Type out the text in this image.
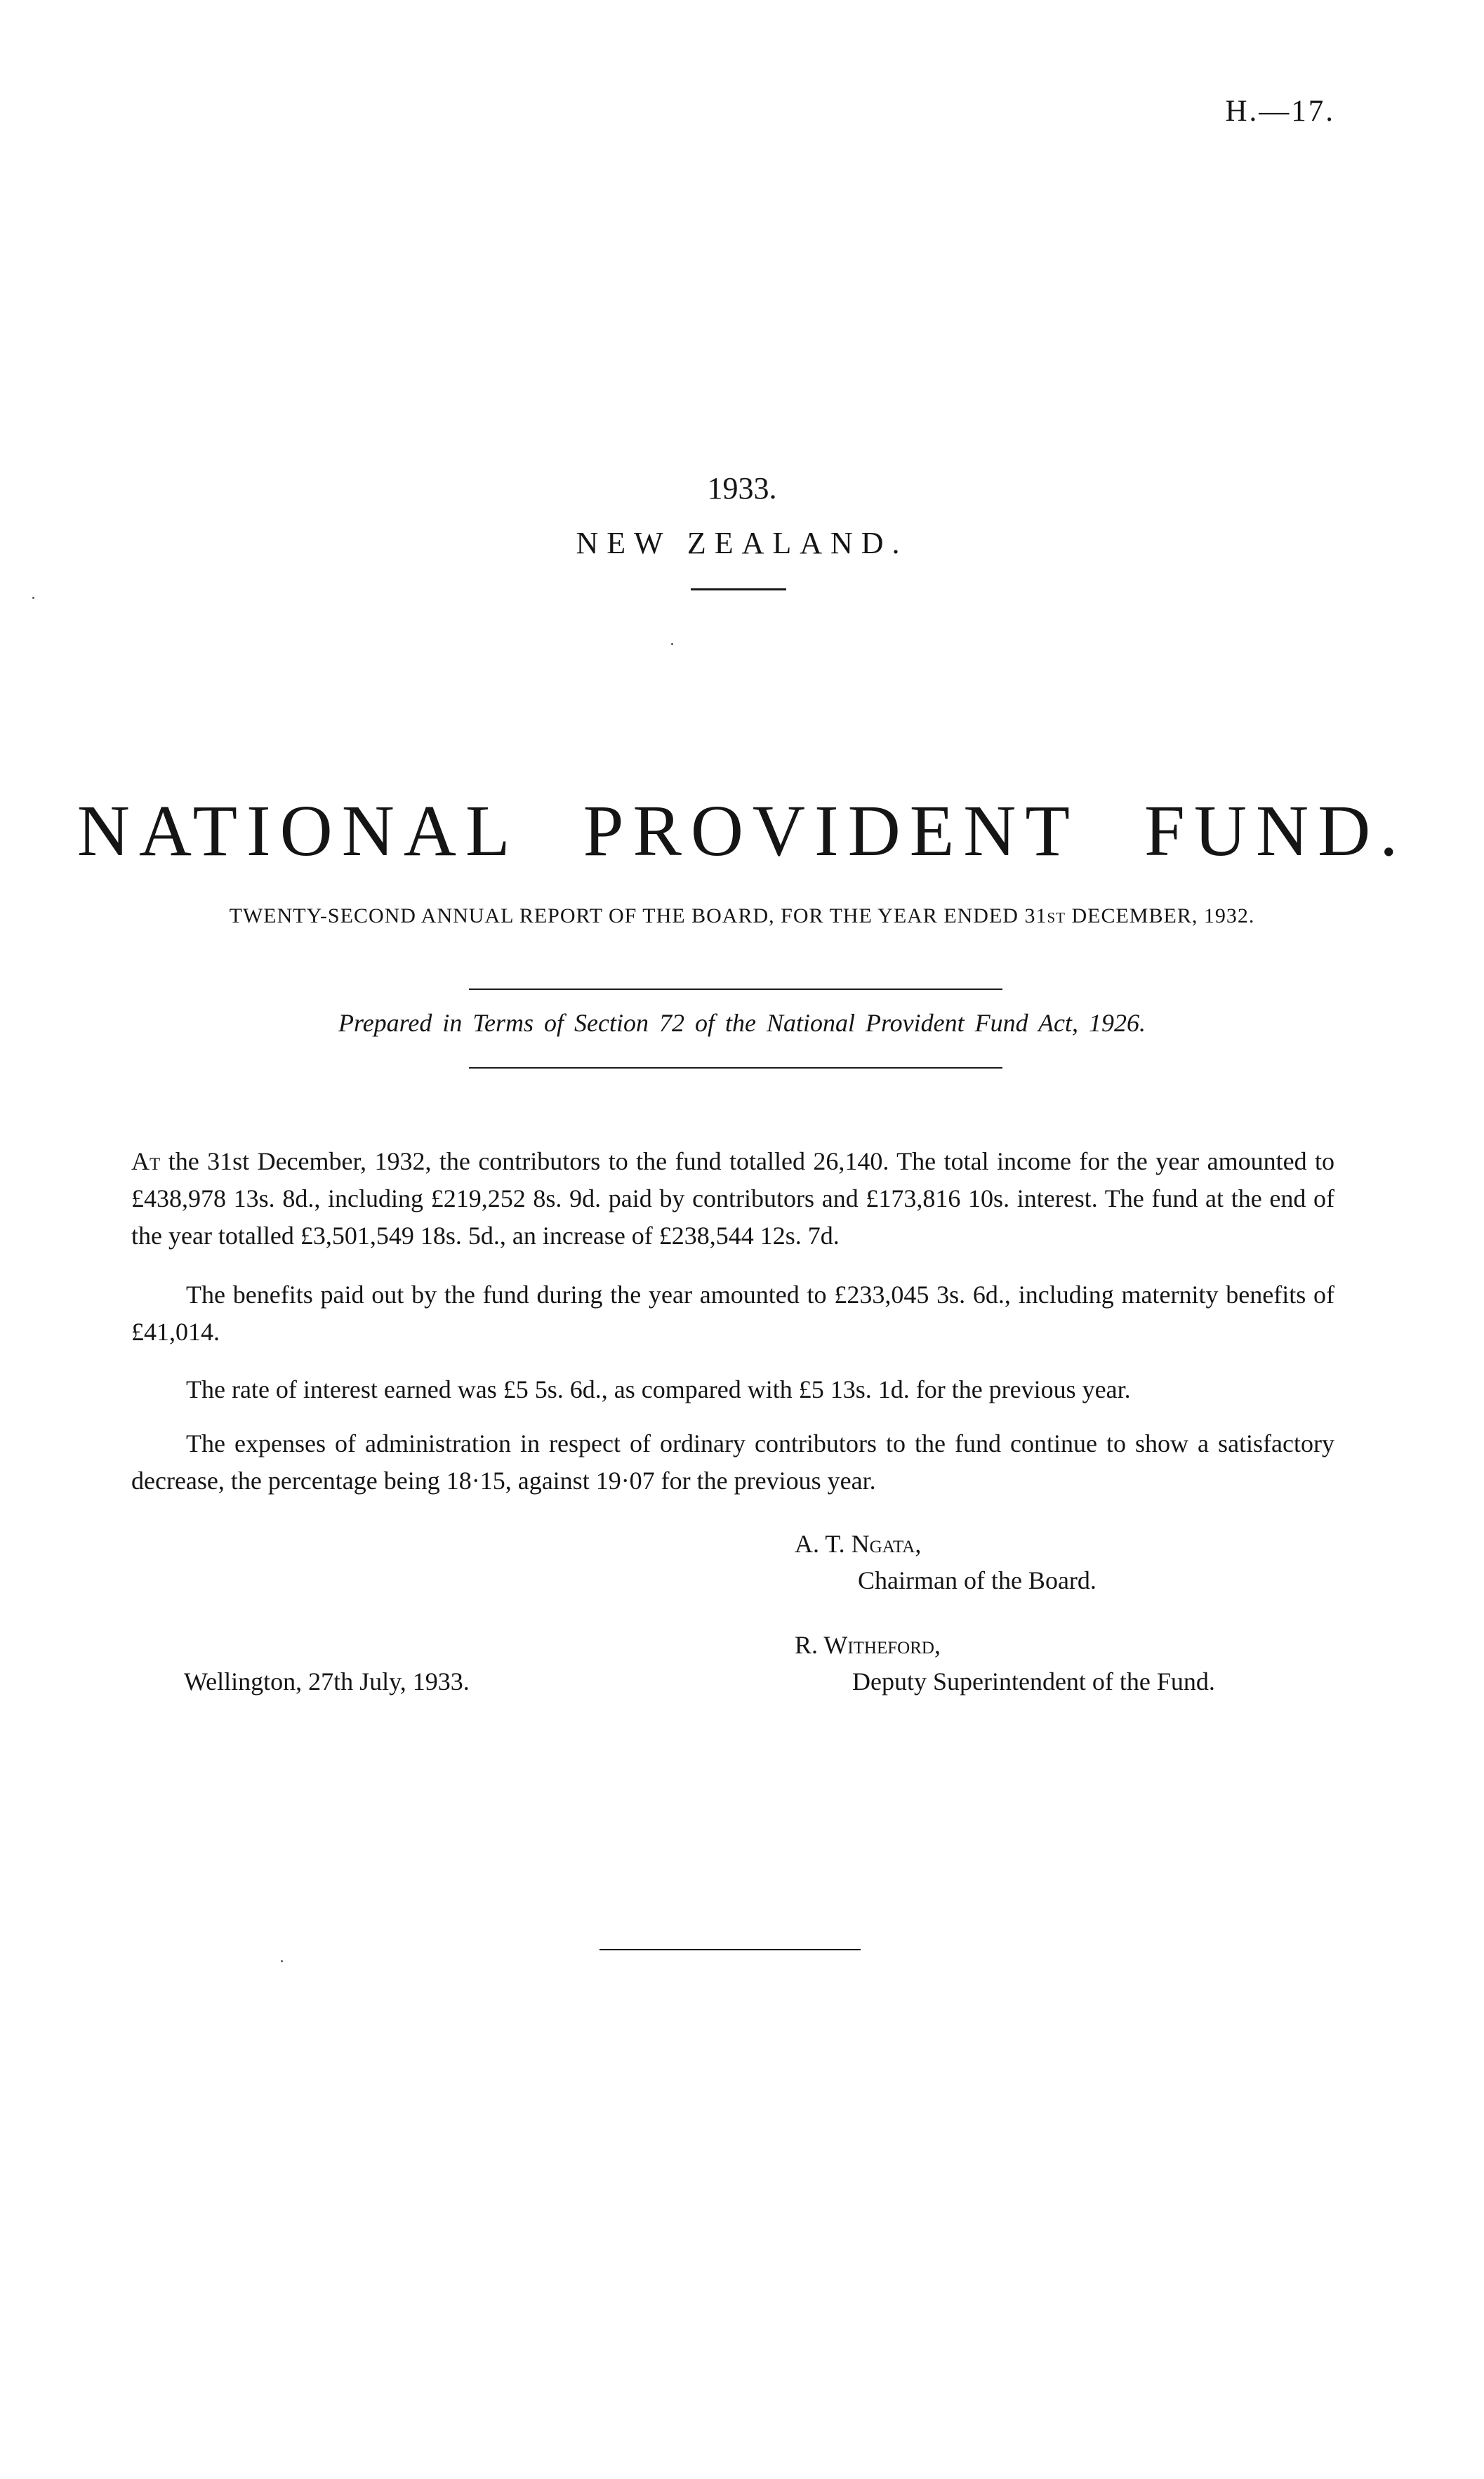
H.—17.
1933.
NEW ZEALAND.
NATIONAL PROVIDENT FUND.
TWENTY-SECOND ANNUAL REPORT OF THE BOARD, FOR THE YEAR ENDED 31ST DECEMBER, 1932.
Prepared in Terms of Section 72 of the National Provident Fund Act, 1926.

At the 31st December, 1932, the contributors to the fund totalled 26,140. The total income for the year amounted to £438,978 13s. 8d., including £219,252 8s. 9d. paid by contributors and £173,816 10s. interest. The fund at the end of the year totalled £3,501,549 18s. 5d., an increase of £238,544 12s. 7d.

The benefits paid out by the fund during the year amounted to £233,045 3s. 6d., including maternity benefits of £41,014.

The rate of interest earned was £5 5s. 6d., as compared with £5 13s. 1d. for the previous year.

The expenses of administration in respect of ordinary contributors to the fund continue to show a satisfactory decrease, the percentage being 18·15, against 19·07 for the previous year.

A. T. Ngata,
Chairman of the Board.
R. Witheford,
Wellington, 27th July, 1933.	Deputy Superintendent of the Fund.
